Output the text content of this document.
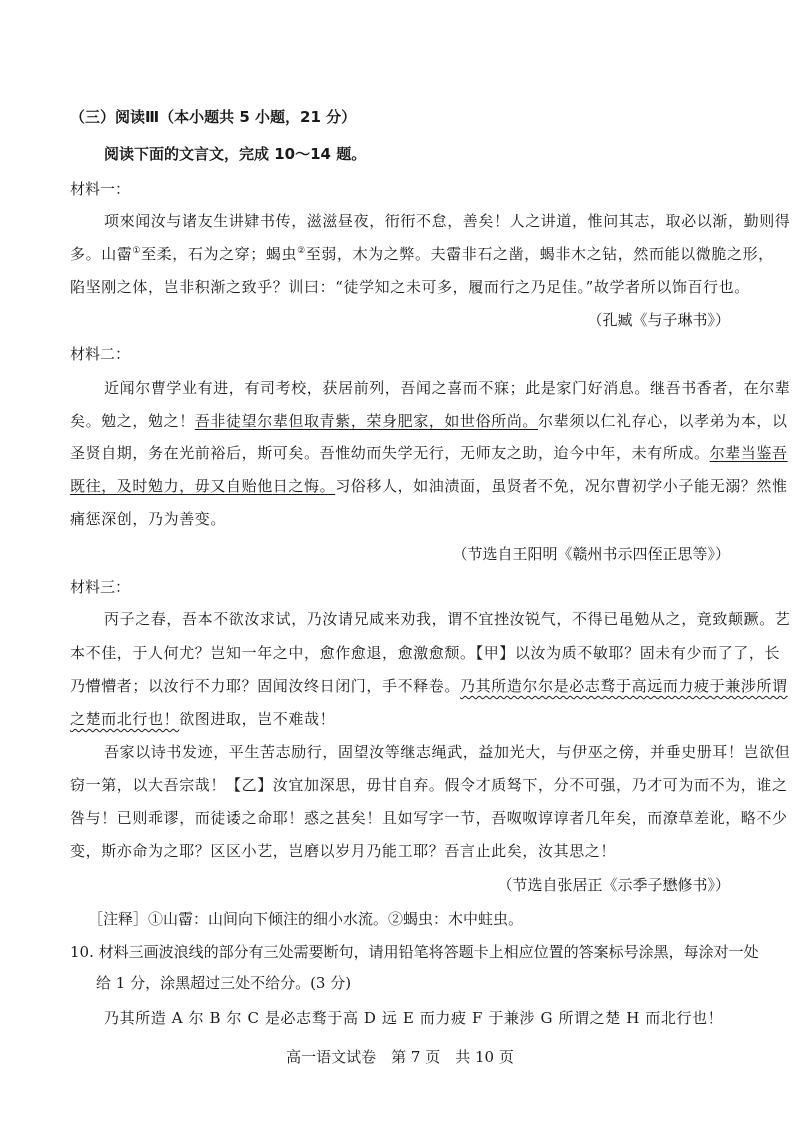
（三）阅读Ⅲ（本小题共 5 小题，21 分）
阅读下面的文言文，完成 10～14 题。
材料一：
项來闻汝与诸友生讲肄书传，滋滋昼夜，衎衎不怠，善矣！人之讲道，惟问其志，取必以渐，勤则得
多。山霤①至柔，石为之穿；蝎虫②至弱，木为之弊。夫霤非石之凿，蝎非木之钻，然而能以微脆之形，
陷坚刚之体，岂非积渐之致乎？训曰：“徒学知之未可多，履而行之乃足佳。”故学者所以饰百行也。
（孔臧《与子琳书》）
材料二：
近闻尔曹学业有进，有司考校，获居前列，吾闻之喜而不寐；此是家门好消息。继吾书香者，在尔辈
矣。勉之，勉之！吾非徒望尔辈但取青紫，荣身肥家，如世俗所尚。尔辈须以仁礼存心，以孝弟为本，以
圣贤自期，务在光前裕后，斯可矣。吾惟幼而失学无行，无师友之助，迨今中年，未有所成。尔辈当鉴吾
既往，及时勉力，毋又自贻他日之悔。习俗移人，如油渍面，虽贤者不免，况尔曹初学小子能无溺？然惟
痛惩深创，乃为善变。
（节选自王阳明《赣州书示四侄正思等》）
材料三：
丙子之春，吾本不欲汝求试，乃汝请兄咸来劝我，谓不宜挫汝锐气，不得已黾勉从之，竟致颠蹶。艺
本不佳，于人何尤？岂知一年之中，愈作愈退，愈激愈颓。【甲】以汝为质不敏耶？固未有少而了了，长
乃懵懵者；以汝行不力耶？固闻汝终日闭门，手不释卷。乃其所造尔尔是必志骛于高远而力疲于兼涉所谓
之楚而北行也！欲图进取，岂不难哉！
吾家以诗书发迹，平生苦志励行，固望汝等继志绳武，益加光大，与伊巫之傍，并垂史册耳！岂欲但
窃一第，以大吾宗哉！【乙】汝宜加深思，毋甘自弃。假令才质驽下，分不可强，乃才可为而不为，谁之
咎与！已则乖谬，而徒诿之命耶！惑之甚矣！且如写字一节，吾呶呶谆谆者几年矣，而潦草差讹，略不少
变，斯亦命为之耶？区区小艺，岂磨以岁月乃能工耶？吾言止此矣，汝其思之！
（节选自张居正《示季子懋修书》）
［注释］①山霤：山间向下倾注的细小水流。②蝎虫：木中蛀虫。
10. 材料三画波浪线的部分有三处需要断句，请用铅笔将答题卡上相应位置的答案标号涂黑，每涂对一处
给 1 分，涂黑超过三处不给分。(3 分)
乃其所造 A 尔 B 尔 C 是必志骛于高 D 远 E 而力疲 F 于兼涉 G 所谓之楚 H 而北行也！
高一语文试卷　第 7 页　共 10 页
